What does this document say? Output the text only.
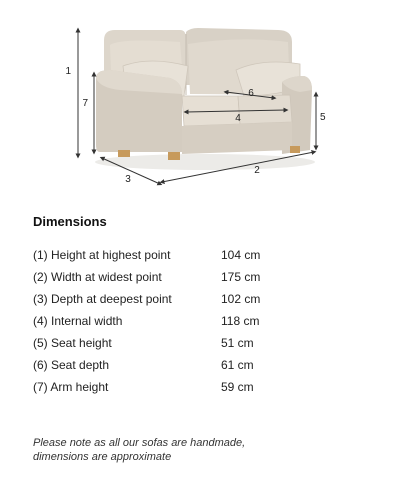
1
2
3
4	5
6
7
Dimensions
(1) Height at highest point	104 cm
(2) Width at widest point	175 cm
(3) Depth at deepest point	102 cm
(4) Internal width	118 cm
(5) Seat height	51 cm
(6) Seat depth	61 cm
(7) Arm height	59 cm
Please note as all our sofas are handmade,
dimensions are approximate
